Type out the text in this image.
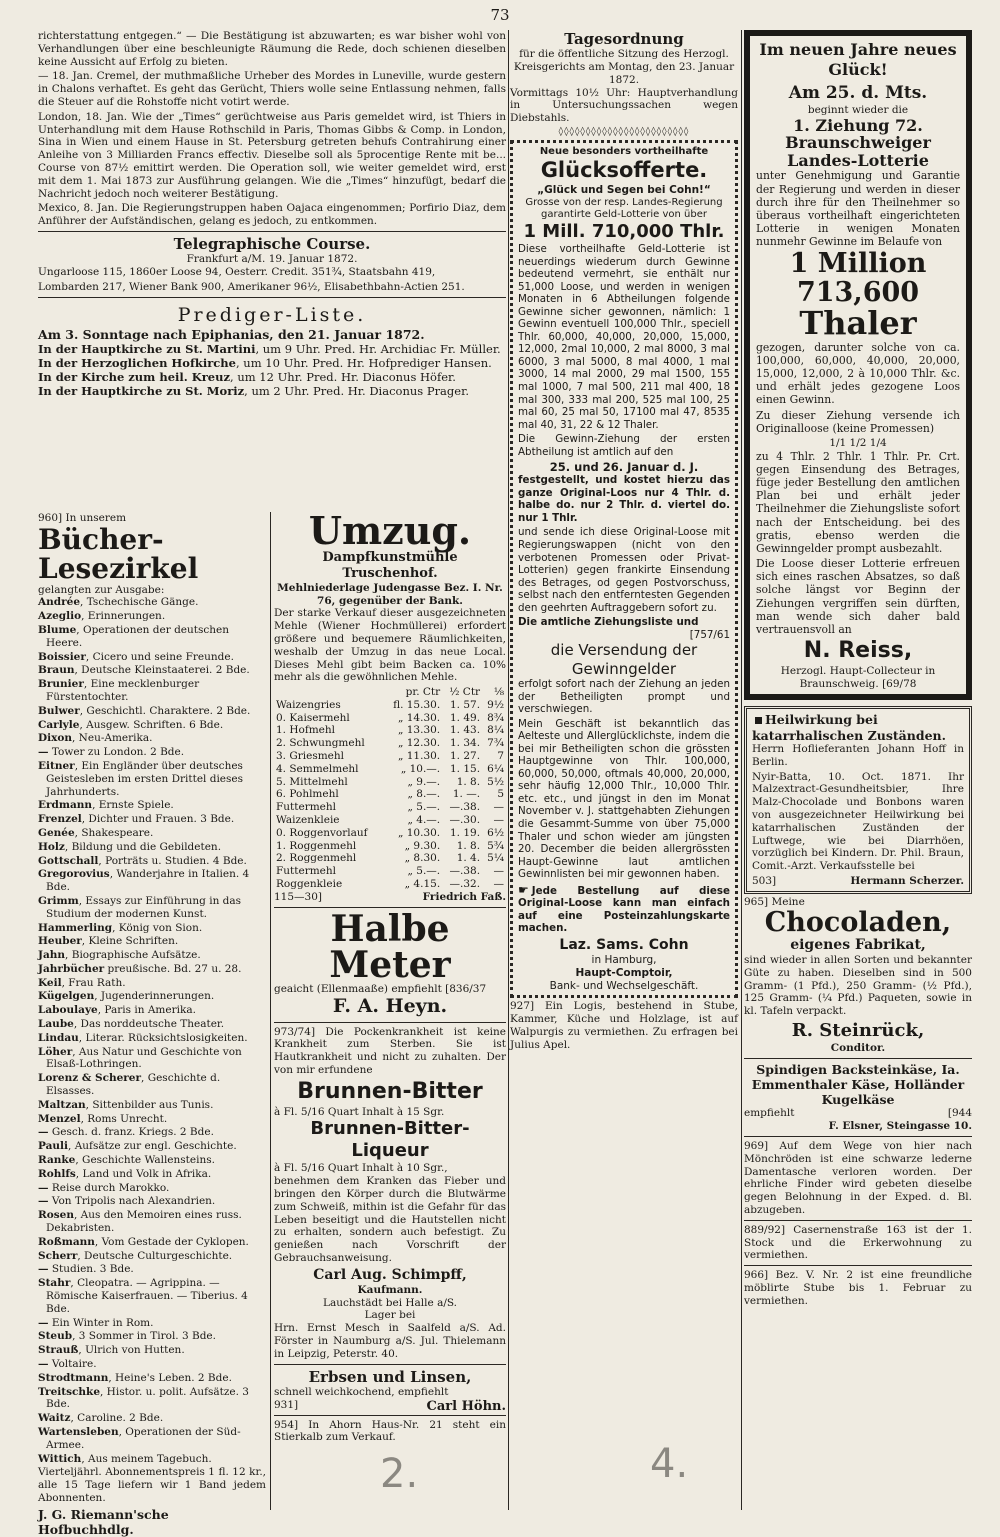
73

richterstattung entgegen.“ — Die Bestätigung ist abzuwarten; es war bisher wohl von Verhandlungen über eine beschleunigte Räumung die Rede, doch schienen dieselben keine Aussicht auf Erfolg zu bieten.

— 18. Jan. Cremel, der muthmaßliche Urheber des Mordes in Luneville, wurde gestern in Chalons verhaftet. Es geht das Gerücht, Thiers wolle seine Entlassung nehmen, falls die Steuer auf die Rohstoffe nicht votirt werde.

London, 18. Jan. Wie der „Times“ gerüchtweise aus Paris gemeldet wird, ist Thiers in Unterhandlung mit dem Hause Rothschild in Paris, Thomas Gibbs & Comp. in London, Sina in Wien und einem Hause in St. Petersburg getreten behufs Contrahirung einer Anleihe von 3 Milliarden Francs effectiv. Dieselbe soll als 5procentige Rente mit be... Course von 87½ emittirt werden. Die Operation soll, wie weiter gemeldet wird, erst mit dem 1. Mai 1873 zur Ausführung gelangen. Wie die „Times“ hinzufügt, bedarf die Nachricht jedoch noch weiterer Bestätigung.

Mexico, 8. Jan. Die Regierungstruppen haben Oajaca eingenommen; Porfirio Diaz, dem Anführer der Aufständischen, gelang es jedoch, zu entkommen.

Telegraphische Course.
Frankfurt a/M. 19. Januar 1872.

Ungarloose 115, 1860er Loose 94, Oesterr. Credit. 351¾, Staatsbahn 419,

Lombarden 217, Wiener Bank 900, Amerikaner 96½, Elisabethbahn-Actien 251.

Prediger-Liste.
Am 3. Sonntage nach Epiphanias, den 21. Januar 1872.
In der Hauptkirche zu St. Martini, um 9 Uhr. Pred. Hr. Archidiac Fr. Müller.
In der Herzoglichen Hofkirche, um 10 Uhr. Pred. Hr. Hofprediger Hansen.
In der Kirche zum heil. Kreuz, um 12 Uhr. Pred. Hr. Diaconus Höfer.
In der Hauptkirche zu St. Moriz, um 2 Uhr. Pred. Hr. Diaconus Prager.
960] In unserem
Bücher-Lesezirkel
gelangten zur Ausgabe:
Andrée, Tschechische Gänge.
Azeglio, Erinnerungen.
Blume, Operationen der deutschen Heere.
Boissier, Cicero und seine Freunde.
Braun, Deutsche Kleinstaaterei. 2 Bde.
Brunier, Eine mecklenburger Fürstentochter.
Bulwer, Geschichtl. Charaktere. 2 Bde.
Carlyle, Ausgew. Schriften. 6 Bde.
Dixon, Neu-Amerika.
— Tower zu London. 2 Bde.
Eitner, Ein Engländer über deutsches Geistesleben im ersten Drittel dieses Jahrhunderts.
Erdmann, Ernste Spiele.
Frenzel, Dichter und Frauen. 3 Bde.
Genée, Shakespeare.
Holz, Bildung und die Gebildeten.
Gottschall, Porträts u. Studien. 4 Bde.
Gregorovius, Wanderjahre in Italien. 4 Bde.
Grimm, Essays zur Einführung in das Studium der modernen Kunst.
Hammerling, König von Sion.
Heuber, Kleine Schriften.
Jahn, Biographische Aufsätze.
Jahrbücher preußische. Bd. 27 u. 28.
Keil, Frau Rath.
Kügelgen, Jugenderinnerungen.
Laboulaye, Paris in Amerika.
Laube, Das norddeutsche Theater.
Lindau, Literar. Rücksichtslosigkeiten.
Löher, Aus Natur und Geschichte von Elsaß-Lothringen.
Lorenz & Scherer, Geschichte d. Elsasses.
Maltzan, Sittenbilder aus Tunis.
Menzel, Roms Unrecht.
— Gesch. d. franz. Kriegs. 2 Bde.
Pauli, Aufsätze zur engl. Geschichte.
Ranke, Geschichte Wallensteins.
Rohlfs, Land und Volk in Afrika.
— Reise durch Marokko.
— Von Tripolis nach Alexandrien.
Rosen, Aus den Memoiren eines russ. Dekabristen.
Roßmann, Vom Gestade der Cyklopen.
Scherr, Deutsche Culturgeschichte.
— Studien. 3 Bde.
Stahr, Cleopatra. — Agrippina. — Römische Kaiserfrauen. — Tiberius. 4 Bde.
— Ein Winter in Rom.
Steub, 3 Sommer in Tirol. 3 Bde.
Strauß, Ulrich von Hutten.
— Voltaire.
Strodtmann, Heine's Leben. 2 Bde.
Treitschke, Histor. u. polit. Aufsätze. 3 Bde.
Waitz, Caroline. 2 Bde.
Wartensleben, Operationen der Süd-Armee.
Wittich, Aus meinem Tagebuch.

Vierteljährl. Abonnementspreis 1 fl. 12 kr., alle 15 Tage liefern wir 1 Band jedem Abonnenten.

J. G. Riemann'sche Hofbuchhdlg.
Umzug.
Dampfkunstmühle Truschenhof.
Mehlniederlage Judengasse Bez. I. Nr. 76, gegenüber der Bank.

Der starke Verkauf dieser ausgezeichneten Mehle (Wiener Hochmüllerei) erfordert größere und bequemere Räumlichkeiten, weshalb der Umzug in das neue Local. Dieses Mehl gibt beim Backen ca. 10% mehr als die gewöhnlichen Mehle.

	pr. Ctr	½ Ctr	⅛
Waizengries	fl. 15.30.	1. 57.	9½
0. Kaisermehl	„ 14.30.	1. 49.	8¾
1. Hofmehl	„ 13.30.	1. 43.	8¼
2. Schwungmehl	„ 12.30.	1. 34.	7¾
3. Griesmehl	„ 11.30.	1. 27.	7
4. Semmelmehl	„ 10.—.	1. 15.	6¼
5. Mittelmehl	„ 9.—.	1. 8.	5½
6. Pohlmehl	„ 8.—.	1. —.	5
Futtermehl	„ 5.—.	—.38.	—
Waizenkleie	„ 4.—.	—.30.	—
0. Roggenvorlauf	„ 10.30.	1. 19.	6½
1. Roggenmehl	„ 9.30.	1. 8.	5¾
2. Roggenmehl	„ 8.30.	1. 4.	5¼
Futtermehl	„ 5.—.	—.38.	—
Roggenkleie	„ 4.15.	—.32.	—
115—30]	Friedrich Faß.
Halbe Meter
geaicht (Ellenmaaße) empfiehlt [836/37
F. A. Heyn.

973/74] Die Pockenkrankheit ist keine Krankheit zum Sterben. Sie ist Hautkrankheit und nicht zu zuhalten. Der von mir erfundene

Brunnen-Bitter
à Fl. 5/16 Quart Inhalt à 15 Sgr.
Brunnen-Bitter-Liqueur
à Fl. 5/16 Quart Inhalt à 10 Sgr.,

benehmen dem Kranken das Fieber und bringen den Körper durch die Blutwärme zum Schweiß, mithin ist die Gefahr für das Leben beseitigt und die Hautstellen nicht zu erhalten, sondern auch befestigt. Zu genießen nach Vorschrift der Gebrauchsanweisung.

Carl Aug. Schimpff,
Kaufmann.
Lauchstädt bei Halle a/S.
Lager bei

Hrn. Ernst Mesch in Saalfeld a/S. Ad. Förster in Naumburg a/S. Jul. Thielemann in Leipzig, Peterstr. 40.

Erbsen und Linsen,
schnell weichkochend, empfiehlt
931]	Carl Höhn.

954] In Ahorn Haus-Nr. 21 steht ein Stierkalb zum Verkauf.

Tagesordnung
für die öffentliche Sitzung des Herzogl. Kreisgerichts am Montag, den 23. Januar 1872.

Vormittags 10½ Uhr: Hauptverhandlung in Untersuchungssachen wegen Diebstahls.

◊◊◊◊◊◊◊◊◊◊◊◊◊◊◊◊◊◊◊◊◊◊◊◊
Neue besonders vortheilhafte
Glücksofferte.
„Glück und Segen bei Cohn!“
Grosse von der resp. Landes-Regierung garantirte Geld-Lotterie von über
1 Mill. 710,000 Thlr.

Diese vortheilhafte Geld-Lotterie ist neuerdings wiederum durch Gewinne bedeutend vermehrt, sie enthält nur 51,000 Loose, und werden in wenigen Monaten in 6 Abtheilungen folgende Gewinne sicher gewonnen, nämlich: 1 Gewinn eventuell 100,000 Thlr., speciell Thlr. 60,000, 40,000, 20,000, 15,000, 12,000, 2mal 10,000, 2 mal 8000, 3 mal 6000, 3 mal 5000, 8 mal 4000, 1 mal 3000, 14 mal 2000, 29 mal 1500, 155 mal 1000, 7 mal 500, 211 mal 400, 18 mal 300, 333 mal 200, 525 mal 100, 25 mal 60, 25 mal 50, 17100 mal 47, 8535 mal 40, 31, 22 & 12 Thaler.

Die Gewinn-Ziehung der ersten Abtheilung ist amtlich auf den

25. und 26. Januar d. J.

festgestellt, und kostet hierzu das ganze Original-Loos nur 4 Thlr. d. halbe do. nur 2 Thlr. d. viertel do. nur 1 Thlr.

und sende ich diese Original-Loose mit Regierungswappen (nicht von den verbotenen Promessen oder Privat-Lotterien) gegen frankirte Einsendung des Betrages, od gegen Postvorschuss, selbst nach den entferntesten Gegenden den geehrten Auftraggebern sofort zu.

Die amtliche Ziehungsliste und
[757/61
die Versendung der Gewinngelder

erfolgt sofort nach der Ziehung an jeden der Betheiligten prompt und verschwiegen.

Mein Geschäft ist bekanntlich das Aelteste und Allerglücklichste, indem die bei mir Betheiligten schon die grössten Hauptgewinne von Thlr. 100,000, 60,000, 50,000, oftmals 40,000, 20,000, sehr häufig 12,000 Thlr., 10,000 Thlr. etc. etc., und jüngst in den im Monat November v. J. stattgehabten Ziehungen die Gesammt-Summe von über 75,000 Thaler und schon wieder am jüngsten 20. December die beiden allergrössten Haupt-Gewinne laut amtlichen Gewinnlisten bei mir gewonnen haben.

☛ Jede Bestellung auf diese Original-Loose kann man einfach auf eine Posteinzahlungskarte machen.

Laz. Sams. Cohn
in Hamburg,
Haupt-Comptoir,
Bank- und Wechselgeschäft.

927] Ein Logis, bestehend in Stube, Kammer, Küche und Holzlage, ist auf Walpurgis zu vermiethen. Zu erfragen bei Julius Apel.

Im neuen Jahre neues Glück!
Am 25. d. Mts.
beginnt wieder die
1. Ziehung 72. Braunschweiger Landes-Lotterie

unter Genehmigung und Garantie der Regierung und werden in dieser durch ihre für den Theilnehmer so überaus vortheilhaft eingerichteten Lotterie in wenigen Monaten nunmehr Gewinne im Belaufe von

1 Million 713,600
Thaler

gezogen, darunter solche von ca. 100,000, 60,000, 40,000, 20,000, 15,000, 12,000, 2 à 10,000 Thlr. &c. und erhält jedes gezogene Loos einen Gewinn.

Zu dieser Ziehung versende ich Originalloose (keine Promessen)

1/1 1/2 1/4

zu 4 Thlr. 2 Thlr. 1 Thlr. Pr. Crt. gegen Einsendung des Betrages, füge jeder Bestellung den amtlichen Plan bei und erhält jeder Theilnehmer die Ziehungsliste sofort nach der Entscheidung. bei des gratis, ebenso werden die Gewinngelder prompt ausbezahlt.

Die Loose dieser Lotterie erfreuen sich eines raschen Absatzes, so daß solche längst vor Beginn der Ziehungen vergriffen sein dürften, man wende sich daher bald vertrauensvoll an

N. Reiss,
Herzogl. Haupt-Collecteur in Braunschweig. [69/78
Heilwirkung bei katarrhalischen Zuständen.

Herrn Hoflieferanten Johann Hoff in Berlin.

Nyir-Batta, 10. Oct. 1871. Ihr Malzextract-Gesundheitsbier, Ihre Malz-Chocolade und Bonbons waren von ausgezeichneter Heilwirkung bei katarrhalischen Zuständen der Luftwege, wie bei Diarrhöen, vorzüglich bei Kindern. Dr. Phil. Braun, Comit.-Arzt. Verkaufsstelle bei

503]	Hermann Scherzer.
965] Meine
Chocoladen,
eigenes Fabrikat,

sind wieder in allen Sorten und bekannter Güte zu haben. Dieselben sind in 500 Gramm- (1 Pfd.), 250 Gramm- (½ Pfd.), 125 Gramm- (¼ Pfd.) Paqueten, sowie in kl. Tafeln verpackt.

R. Steinrück,
Conditor.
Spindigen Backsteinkäse, Ia. Emmenthaler Käse, Holländer Kugelkäse
empfiehlt	[944
F. Elsner, Steingasse 10.

969] Auf dem Wege von hier nach Mönchröden ist eine schwarze lederne Damentasche verloren worden. Der ehrliche Finder wird gebeten dieselbe gegen Belohnung in der Exped. d. Bl. abzugeben.

889/92] Casernenstraße 163 ist der 1. Stock und die Erkerwohnung zu vermiethen.

966] Bez. V. Nr. 2 ist eine freundliche möblirte Stube bis 1. Februar zu vermiethen.

2.	4.
